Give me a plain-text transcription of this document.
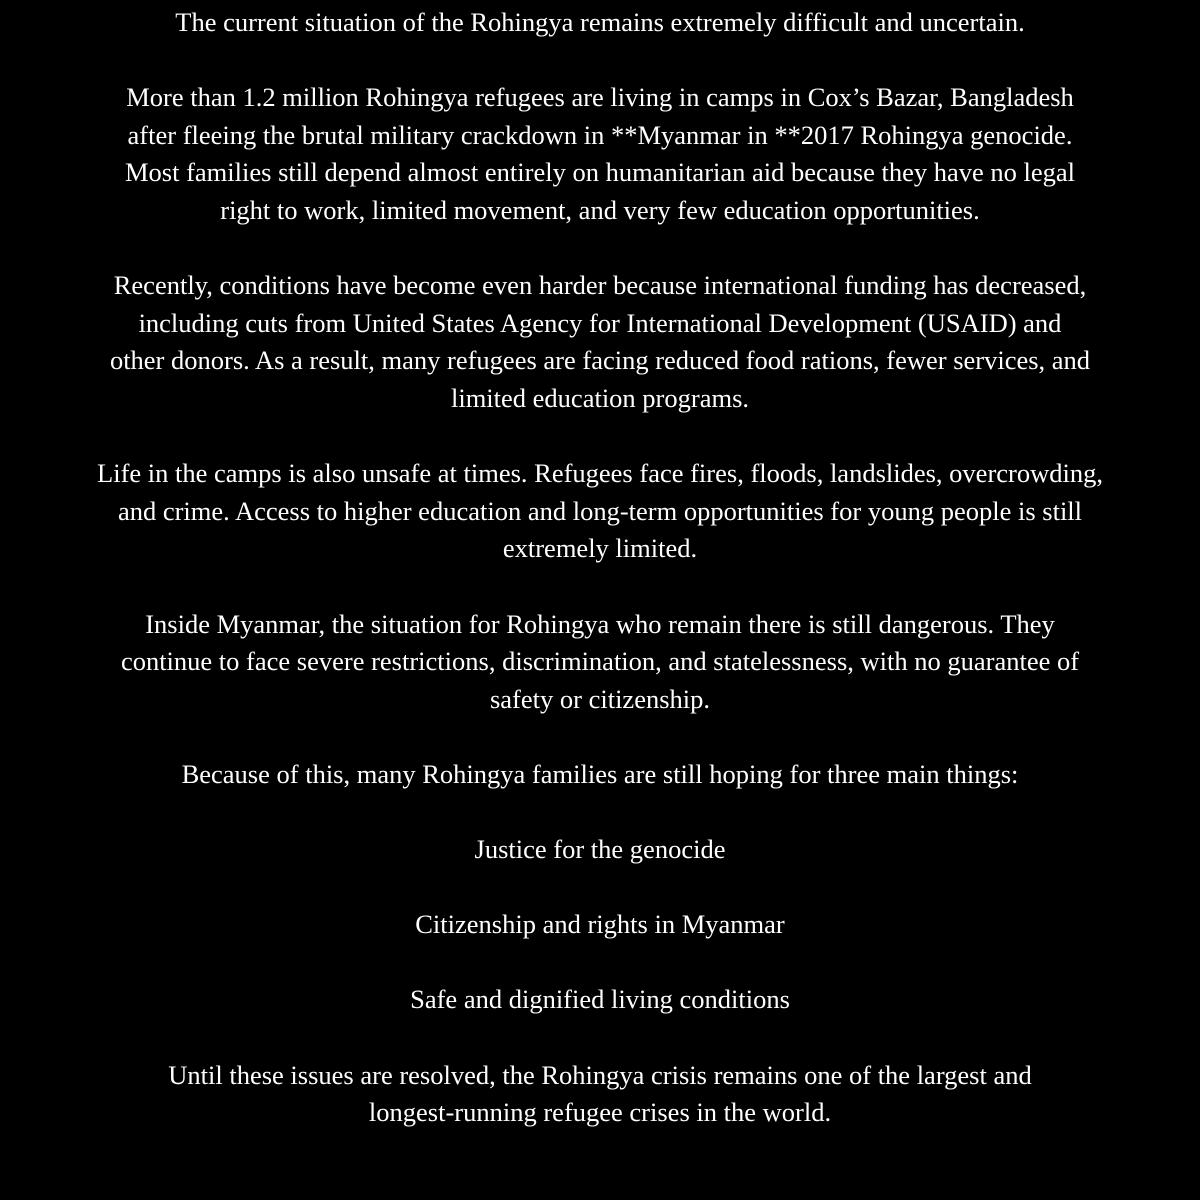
The current situation of the Rohingya remains extremely difficult and uncertain.

More than 1.2 million Rohingya refugees are living in camps in Cox’s Bazar, Bangladesh
after fleeing the brutal military crackdown in **Myanmar in **2017 Rohingya genocide.
Most families still depend almost entirely on humanitarian aid because they have no legal
right to work, limited movement, and very few education opportunities.

Recently, conditions have become even harder because international funding has decreased,
including cuts from United States Agency for International Development (USAID) and
other donors. As a result, many refugees are facing reduced food rations, fewer services, and
limited education programs.

Life in the camps is also unsafe at times. Refugees face fires, floods, landslides, overcrowding,
and crime. Access to higher education and long-term opportunities for young people is still
extremely limited.

Inside Myanmar, the situation for Rohingya who remain there is still dangerous. They
continue to face severe restrictions, discrimination, and statelessness, with no guarantee of
safety or citizenship.

Because of this, many Rohingya families are still hoping for three main things:

Justice for the genocide

Citizenship and rights in Myanmar

Safe and dignified living conditions

Until these issues are resolved, the Rohingya crisis remains one of the largest and
longest-running refugee crises in the world.
